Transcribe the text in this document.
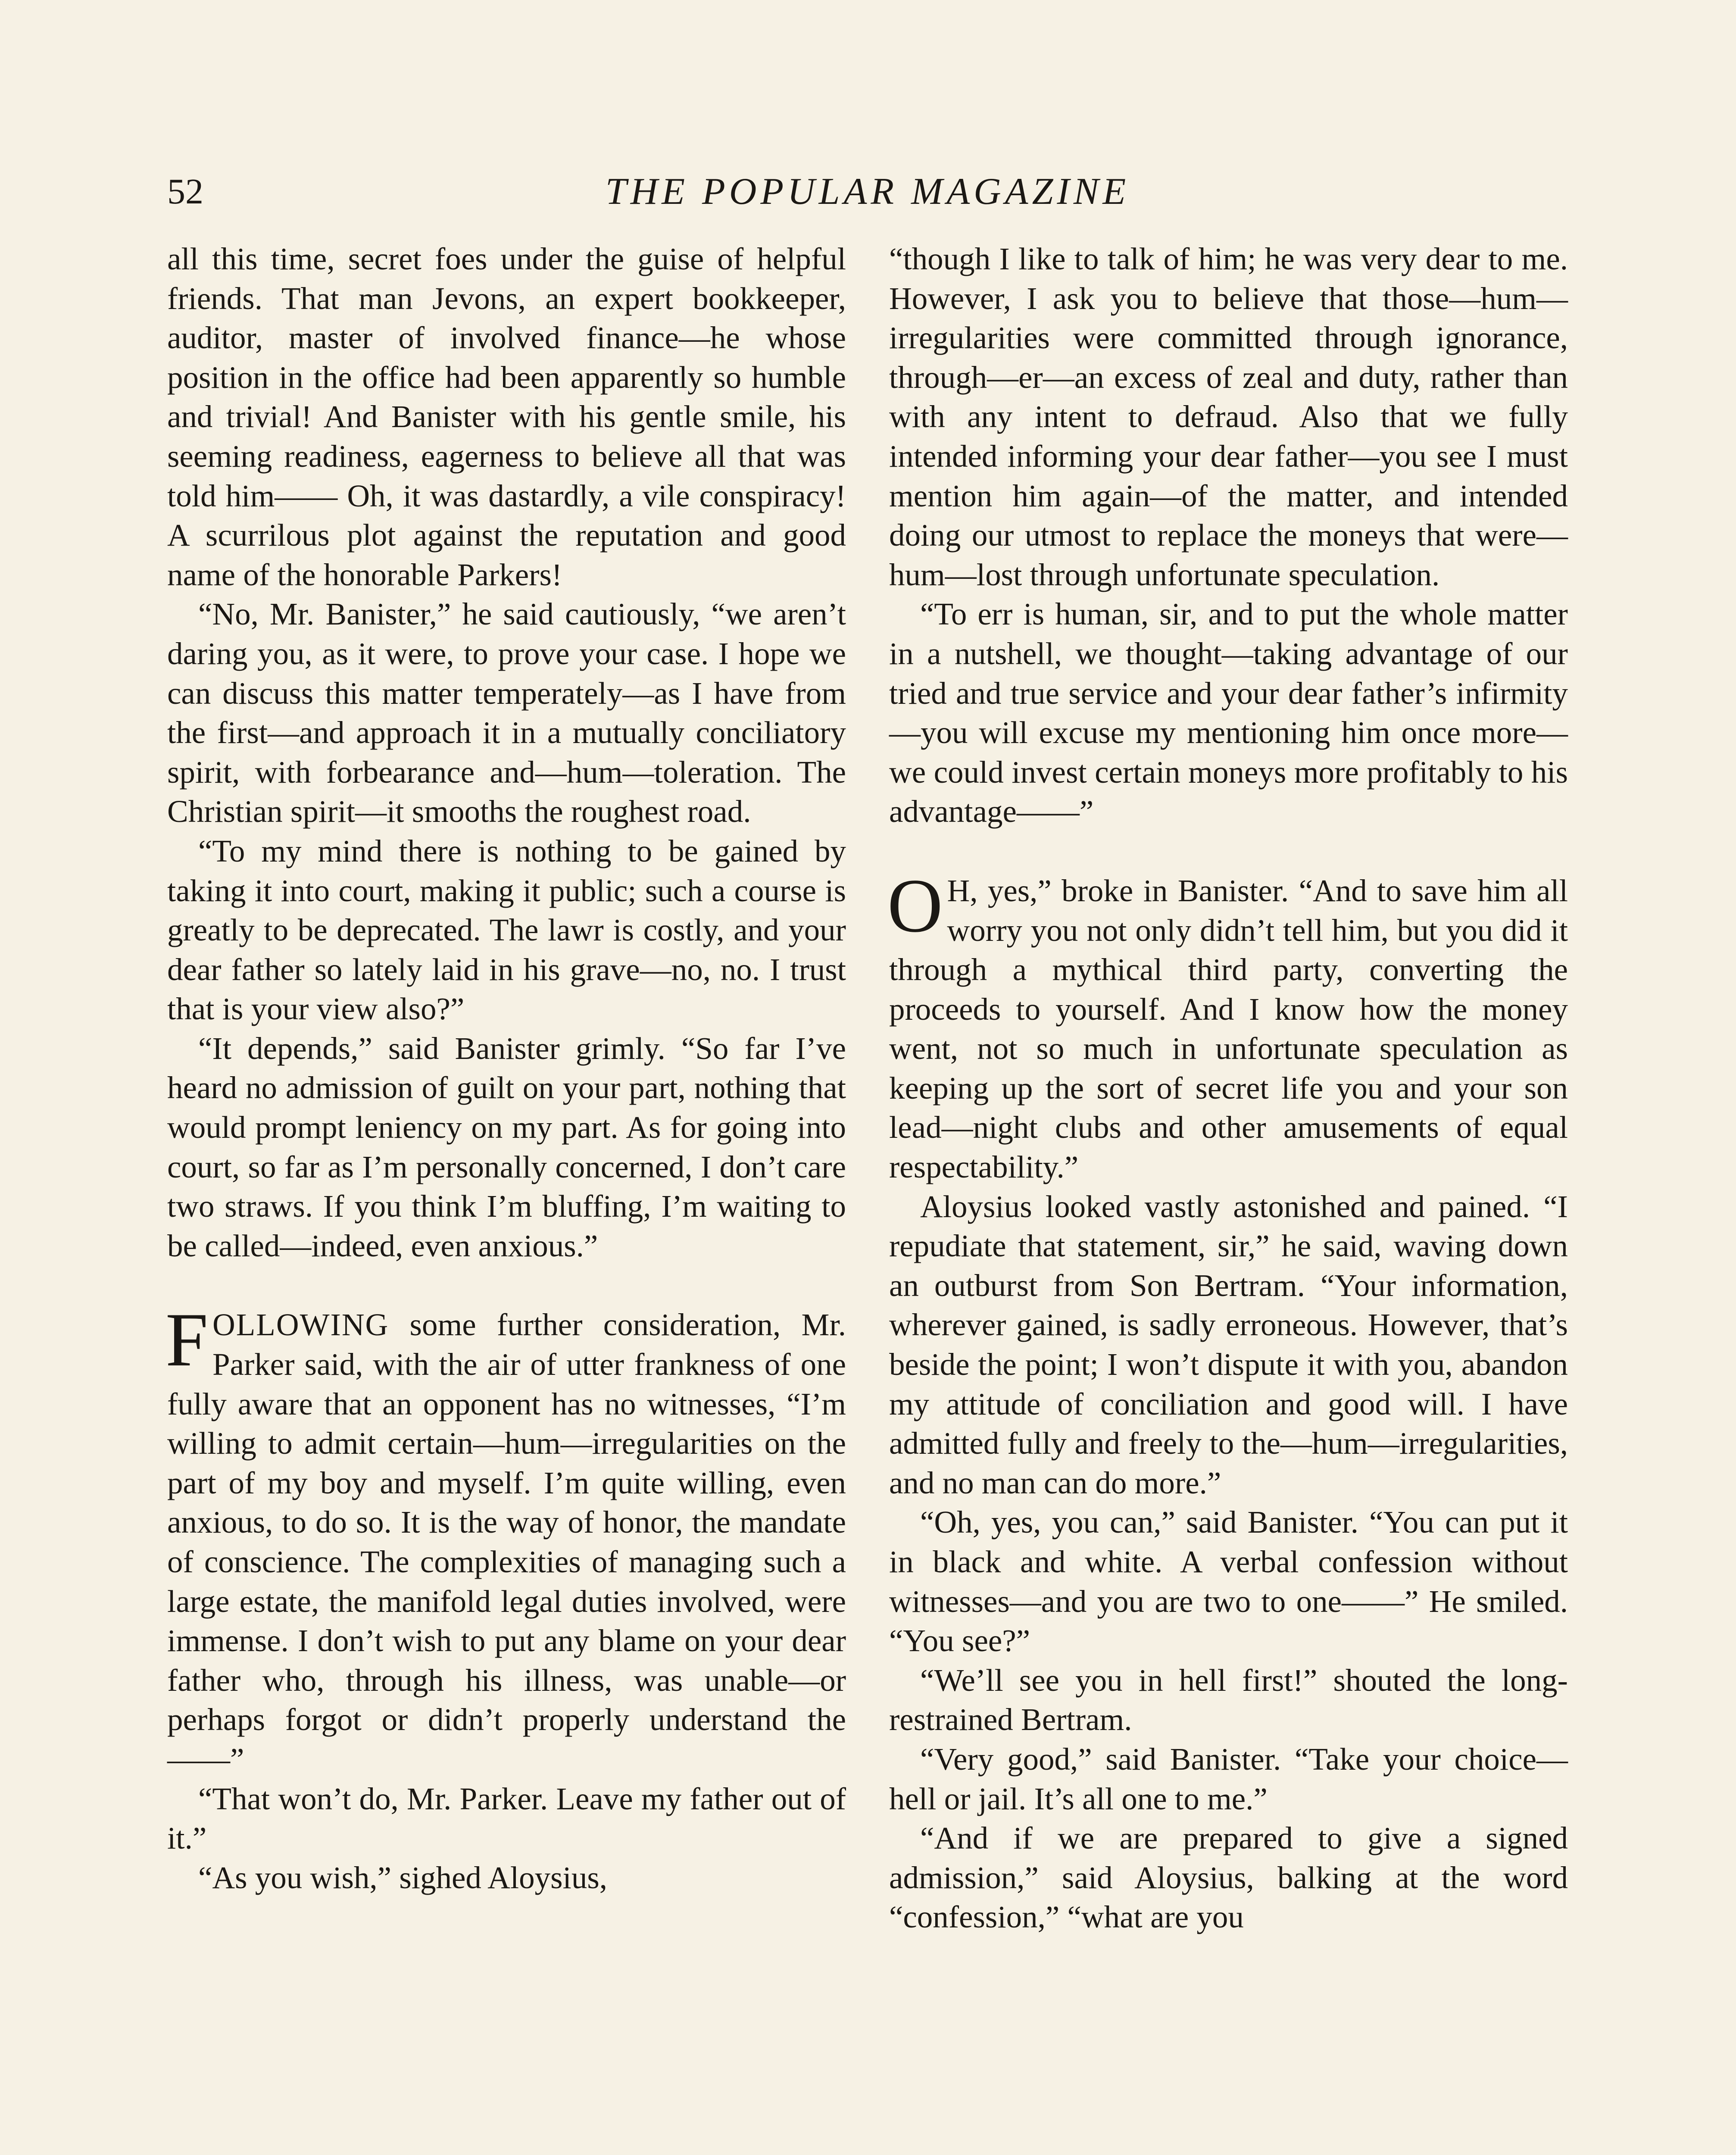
52	THE POPULAR MAGAZINE

all this time, secret foes under the guise of helpful friends. That man Jevons, an expert bookkeeper, auditor, master of involved finance—he whose position in the office had been apparently so humble and trivial! And Banister with his gentle smile, his seeming readiness, eagerness to believe all that was told him—— Oh, it was dastardly, a vile conspiracy! A scurrilous plot against the reputation and good name of the honorable Parkers!

“No, Mr. Banister,” he said cautiously, “we aren’t daring you, as it were, to prove your case. I hope we can discuss this matter temperately—as I have from the first—and approach it in a mutually conciliatory spirit, with forbearance and—hum—toleration. The Christian spirit—it smooths the roughest road.

“To my mind there is nothing to be gained by taking it into court, making it public; such a course is greatly to be deprecated. The lawr is costly, and your dear father so lately laid in his grave—no, no. I trust that is your view also?”

“It depends,” said Banister grimly. “So far I’ve heard no admission of guilt on your part, nothing that would prompt leniency on my part. As for going into court, so far as I’m personally concerned, I don’t care two straws. If you think I’m bluffing, I’m waiting to be called—indeed, even anxious.”

FOLLOWING some further consideration, Mr. Parker said, with the air of utter frankness of one fully aware that an opponent has no witnesses, “I’m willing to admit certain—hum—irregularities on the part of my boy and myself. I’m quite willing, even anxious, to do so. It is the way of honor, the mandate of conscience. The complexities of managing such a large estate, the manifold legal duties involved, were immense. I don’t wish to put any blame on your dear father who, through his illness, was unable—or perhaps forgot or didn’t properly understand the——”

“That won’t do, Mr. Parker. Leave my father out of it.”

“As you wish,” sighed Aloysius,

“though I like to talk of him; he was very dear to me. However, I ask you to believe that those—hum—irregularities were committed through ignorance, through—er—an excess of zeal and duty, rather than with any intent to defraud. Also that we fully intended informing your dear father—you see I must mention him again—of the matter, and intended doing our utmost to replace the moneys that were—hum—lost through unfortunate speculation.

“To err is human, sir, and to put the whole matter in a nutshell, we thought—taking advantage of our tried and true service and your dear father’s infirmity—you will excuse my mentioning him once more—we could invest certain moneys more profitably to his advantage——”

O H, yes,” broke in Banister. “And to save him all worry you not only didn’t tell him, but you did it through a mythical third party, converting the proceeds to yourself. And I know how the money went, not so much in unfortunate speculation as keeping up the sort of secret life you and your son lead—night clubs and other amusements of equal respectability.”

Aloysius looked vastly astonished and pained. “I repudiate that statement, sir,” he said, waving down an outburst from Son Bertram. “Your information, wherever gained, is sadly erroneous. However, that’s beside the point; I won’t dispute it with you, abandon my attitude of conciliation and good will. I have admitted fully and freely to the—hum—irregularities, and no man can do more.”

“Oh, yes, you can,” said Banister. “You can put it in black and white. A verbal confession without witnesses—and you are two to one——” He smiled. “You see?”

“We’ll see you in hell first!” shouted the long-restrained Bertram.

“Very good,” said Banister. “Take your choice—hell or jail. It’s all one to me.”

“And if we are prepared to give a signed admission,” said Aloysius, balking at the word “confession,” “what are you
